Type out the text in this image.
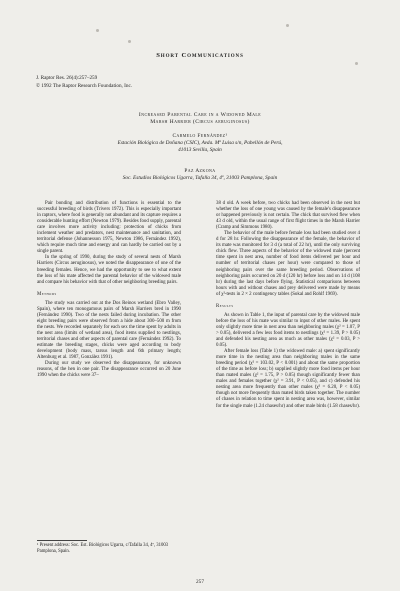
Short Communications
J. Raptor Res. 26(4):257–259
© 1992 The Raptor Research Foundation, Inc.
Increased Parental Care in a Widowed Male
Marsh Harrier (Circus aeruginosus)
Carmelo Fernández¹
Estación Biológica de Doñana (CSIC), Avda. Mª Luisa s/n, Pabellón de Perú,
41013 Sevilla, Spain
Paz Azkona
Soc. Estudios Biológicos Ugarra, Tafalla 34, 4º, 31003 Pamplona, Spain

Pair bonding and distribution of functions is essential to the successful breeding of birds (Trivers 1972). This is especially important in raptors, where food is generally not abundant and its capture requires a considerable hunting effort (Newton 1979). Besides food supply, parental care involves more activity including: protection of chicks from inclement weather and predators, nest maintenance and sanitation, and territorial defense (Johannesson 1975, Newton 1986, Fernández 1992), which require much time and energy and can hardly be carried out by a single parent.

In the spring of 1990, during the study of several nests of Marsh Harriers (Circus aeruginosus), we noted the disappearance of one of the breeding females. Hence, we had the opportunity to see to what extent the loss of his mate affected the parental behavior of the widowed male and compare his behavior with that of other neighboring breeding pairs.

Methods

The study was carried out at the Dos Reinos wetland (Ebro Valley, Spain), where ten monogamous pairs of Marsh Harriers bred in 1990 (Fernández 1990). Two of the nests failed during incubation. The other eight breeding pairs were observed from a hide about 300–500 m from the nests. We recorded separately for each sex the time spent by adults in the nest area (limits of wetland area), food items supplied to nestlings, territorial chases and other aspects of parental care (Fernández 1992). To estimate the breeding stages, chicks were aged according to body development (body mass, tarsus length and 6th primary length; Altenburg et al. 1987, González 1991).

During our study we observed the disappearance, for unknown reasons, of the hen in one pair. The disappearance occurred on 20 June 1990 when the chicks were 37–

38 d old. A week before, two chicks had been observed in the nest but whether the loss of one young was caused by the female's disappearance or happened previously is not certain. The chick that survived flew when 43 d old, within the usual range of first flight times in the Marsh Harrier (Cramp and Simmons 1980).

The behavior of the male before female loss had been studied over 4 d for 28 hr. Following the disappearance of the female, the behavior of its mate was monitored for 3 d (a total of 22 hr), until the only surviving chick flew. Three aspects of the behavior of the widowed male (percent time spent in nest area, number of food items delivered per hour and number of territorial chases per hour) were compared to those of neighboring pairs over the same breeding period. Observations of neighboring pairs occurred on 20 d (120 hr) before loss and on 14 d (108 hr) during the last days before flying. Statistical comparisons between hours with and without chases and prey delivered were made by means of χ²-tests in 2 × 2 contingency tables (Sokal and Rohlf 1969).

Results

As shown in Table 1, the input of parental care by the widowed male before the loss of his mate was similar to input of other males. He spent only slightly more time in nest area than neighboring males (χ² = 1.07, P > 0.05), delivered a few less food items to nestlings (χ² = 1.39, P > 0.05) and defended his nesting area as much as other males (χ² = 0.03, P > 0.05).

After female loss (Table 1) the widowed male: a) spent significantly more time in the nesting area than neighboring males in the same breeding period (χ² = 103.02, P < 0.001) and about the same proportion of the time as before loss; b) supplied slightly more food items per hour than mated males (χ² = 1.75, P > 0.05) though significantly fewer than males and females together (χ² = 3.91, P < 0.05), and c) defended his nesting area more frequently than other males (χ² = 6.20, P < 0.05) though not more frequently than mated birds taken together. The number of chases in relation to time spent in nesting area was, however, similar for the single male (1.24 chases/hr) and other male birds (1.58 chases/hr).

¹ Present address: Soc. Est. Biológicos Ugarra, c/Tafalla 34, 4º, 31003 Pamplona, Spain.
257
